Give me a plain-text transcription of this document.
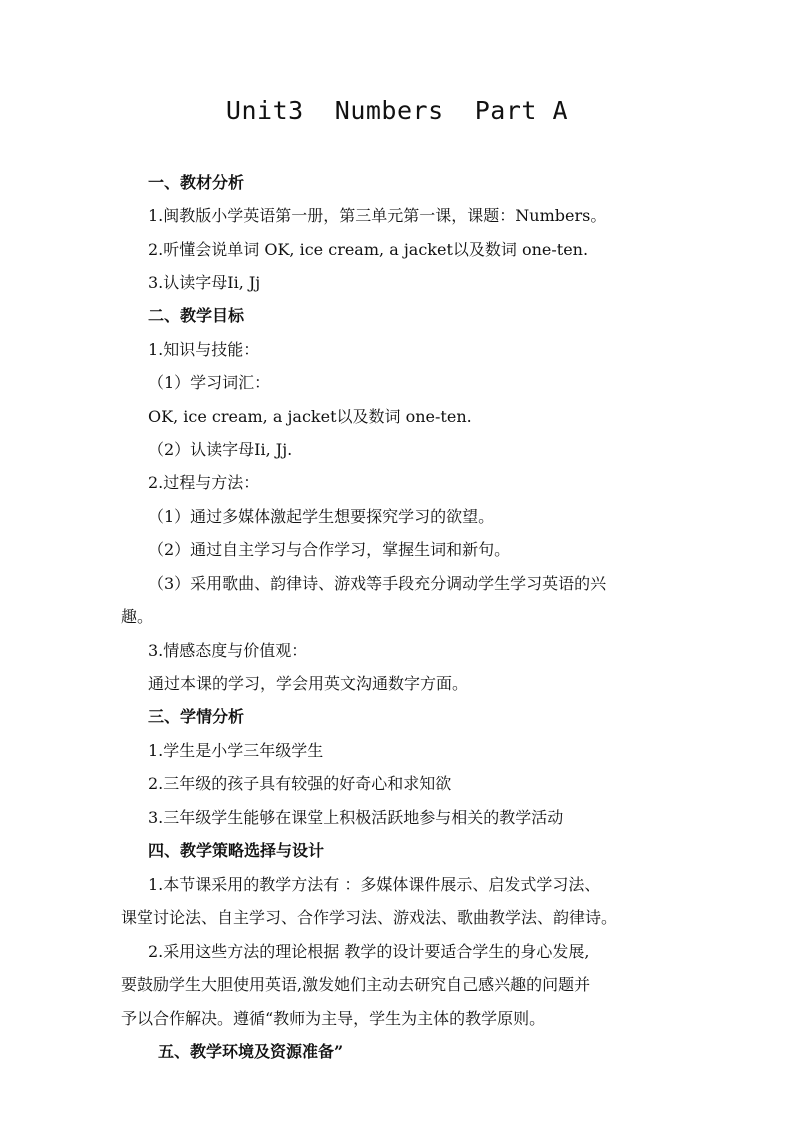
Unit3  Numbers  Part A
一、教材分析
1.闽教版小学英语第一册，第三单元第一课，课题：Numbers。
2.听懂会说单词 OK, ice cream, a jacket以及数词 one-ten.
3.认读字母Ii, Jj
二、教学目标
1.知识与技能：
（1）学习词汇：
OK, ice cream, a jacket以及数词 one-ten.
（2）认读字母Ii, Jj.
2.过程与方法：
（1）通过多媒体激起学生想要探究学习的欲望。
（2）通过自主学习与合作学习，掌握生词和新句。
（3）采用歌曲、韵律诗、游戏等手段充分调动学生学习英语的兴
趣。
3.情感态度与价值观：
通过本课的学习，学会用英文沟通数字方面。
三、学情分析
1.学生是小学三年级学生
2.三年级的孩子具有较强的好奇心和求知欲
3.三年级学生能够在课堂上积极活跃地参与相关的教学活动
四、教学策略选择与设计
1.本节课采用的教学方法有 ：多媒体课件展示、启发式学习法、
课堂讨论法、自主学习、合作学习法、游戏法、歌曲教学法、韵律诗。
2.采用这些方法的理论根据 教学的设计要适合学生的身心发展,
要鼓励学生大胆使用英语,激发她们主动去研究自己感兴趣的问题并
予以合作解决。遵循“教师为主导，学生为主体的教学原则。
五、教学环境及资源准备”
